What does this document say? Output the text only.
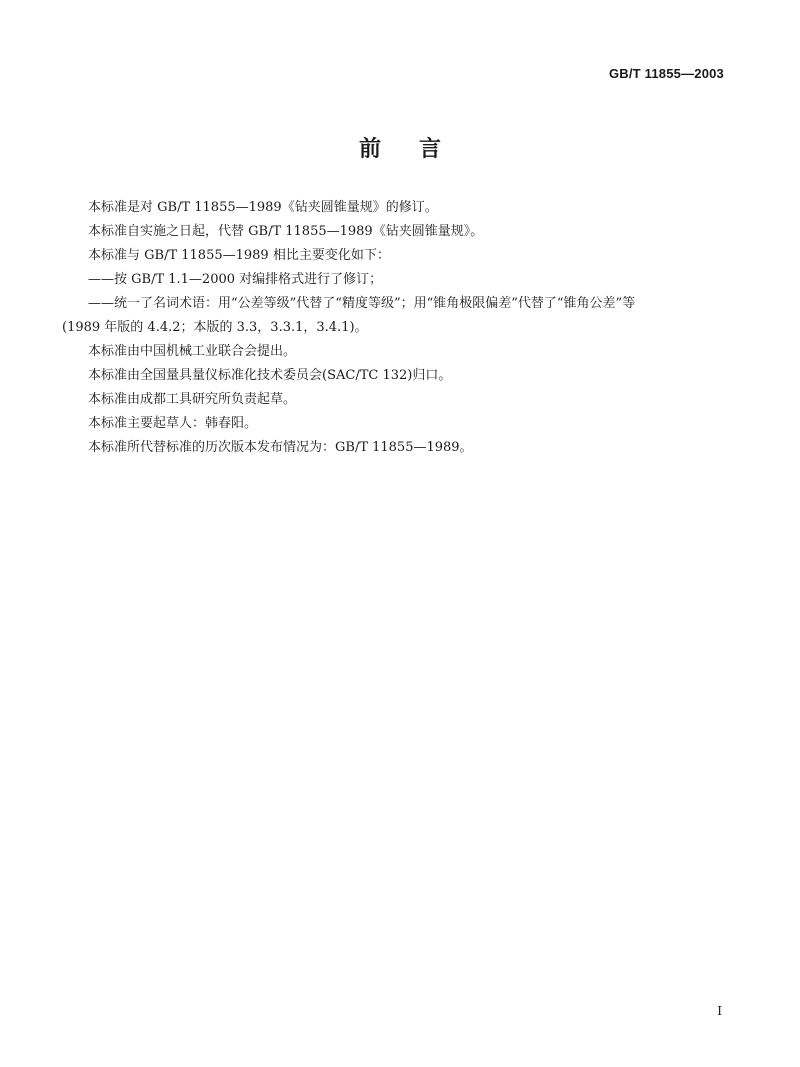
GB/T 11855—2003
前言

本标准是对 GB/T 11855—1989《钻夹圆锥量规》的修订。

本标准自实施之日起，代替 GB/T 11855—1989《钻夹圆锥量规》。

本标准与 GB/T 11855—1989 相比主要变化如下：

——按 GB/T 1.1—2000 对编排格式进行了修订；

——统一了名词术语：用“公差等级”代替了“精度等级”；用“锥角极限偏差”代替了“锥角公差”等

(1989 年版的 4.4.2；本版的 3.3，3.3.1，3.4.1)。

本标准由中国机械工业联合会提出。

本标准由全国量具量仪标准化技术委员会(SAC/TC 132)归口。

本标准由成都工具研究所负责起草。

本标准主要起草人：韩春阳。

本标准所代替标准的历次版本发布情况为：GB/T 11855—1989。

I
